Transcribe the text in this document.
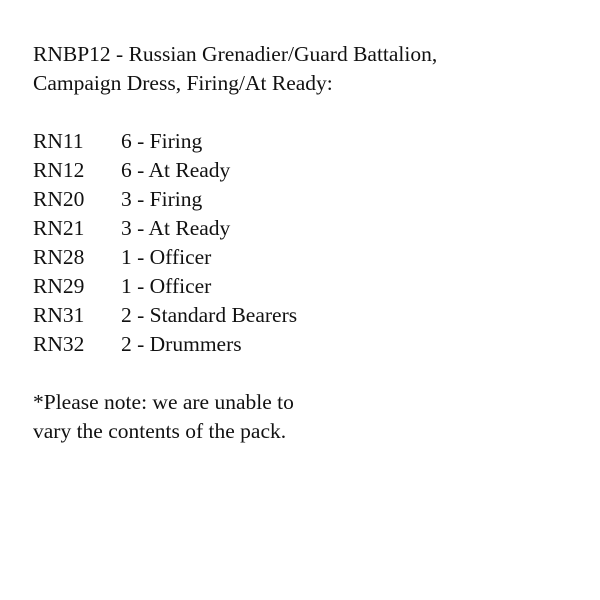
RNBP12 - Russian Grenadier/Guard Battalion,
Campaign Dress, Firing/At Ready:
RN11	6 - Firing
RN12	6 - At Ready
RN20	3 - Firing
RN21	3 - At Ready
RN28	1 - Officer
RN29	1 - Officer
RN31	2 - Standard Bearers
RN32	2 - Drummers
*Please note: we are unable to
vary the contents of the pack.
